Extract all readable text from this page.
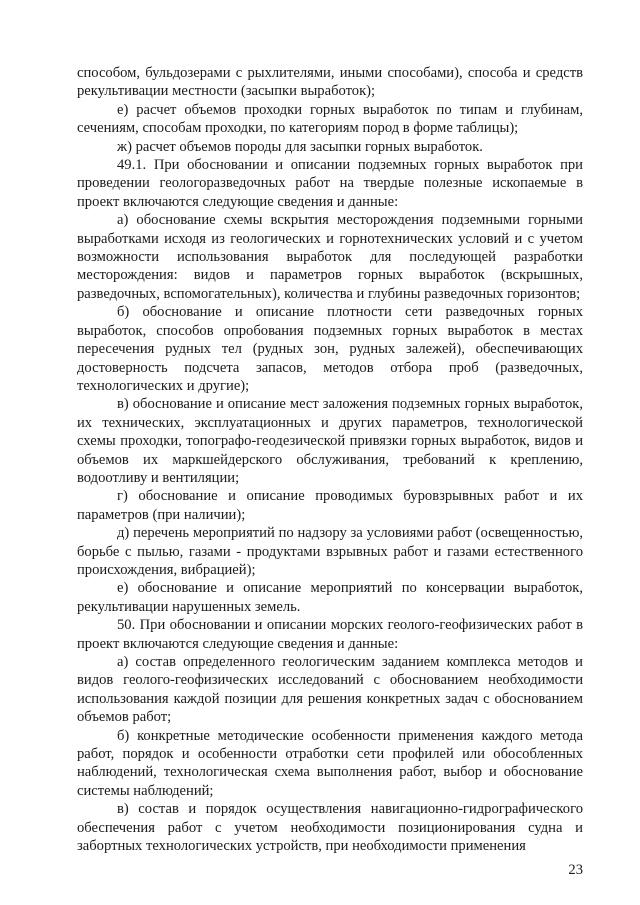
способом, бульдозерами с рыхлителями, иными способами), способа и средств рекультивации местности (засыпки выработок);

е) расчет объемов проходки горных выработок по типам и глубинам, сечениям, способам проходки, по категориям пород в форме таблицы);

ж) расчет объемов породы для засыпки горных выработок.

49.1. При обосновании и описании подземных горных выработок при проведении геологоразведочных работ на твердые полезные ископаемые в проект включаются следующие сведения и данные:

а) обоснование схемы вскрытия месторождения подземными горными выработками исходя из геологических и горнотехнических условий и с учетом возможности использования выработок для последующей разработки месторождения: видов и параметров горных выработок (вскрышных, разведочных, вспомогательных), количества и глубины разведочных горизонтов;

б) обоснование и описание плотности сети разведочных горных выработок, способов опробования подземных горных выработок в местах пересечения рудных тел (рудных зон, рудных залежей), обеспечивающих достоверность подсчета запасов, методов отбора проб (разведочных, технологических и другие);

в) обоснование и описание мест заложения подземных горных выработок, их технических, эксплуатационных и других параметров, технологической схемы проходки, топографо-геодезической привязки горных выработок, видов и объемов их маркшейдерского обслуживания, требований к креплению, водоотливу и вентиляции;

г) обоснование и описание проводимых буровзрывных работ и их параметров (при наличии);

д) перечень мероприятий по надзору за условиями работ (освещенностью, борьбе с пылью, газами - продуктами взрывных работ и газами естественного происхождения, вибрацией);

е) обоснование и описание мероприятий по консервации выработок, рекультивации нарушенных земель.

50. При обосновании и описании морских геолого-геофизических работ в проект включаются следующие сведения и данные:

а) состав определенного геологическим заданием комплекса методов и видов геолого-геофизических исследований с обоснованием необходимости использования каждой позиции для решения конкретных задач с обоснованием объемов работ;

б) конкретные методические особенности применения каждого метода работ, порядок и особенности отработки сети профилей или обособленных наблюдений, технологическая схема выполнения работ, выбор и обоснование системы наблюдений;

в) состав и порядок осуществления навигационно-гидрографического обеспечения работ с учетом необходимости позиционирования судна и забортных технологических устройств, при необходимости применения

23
